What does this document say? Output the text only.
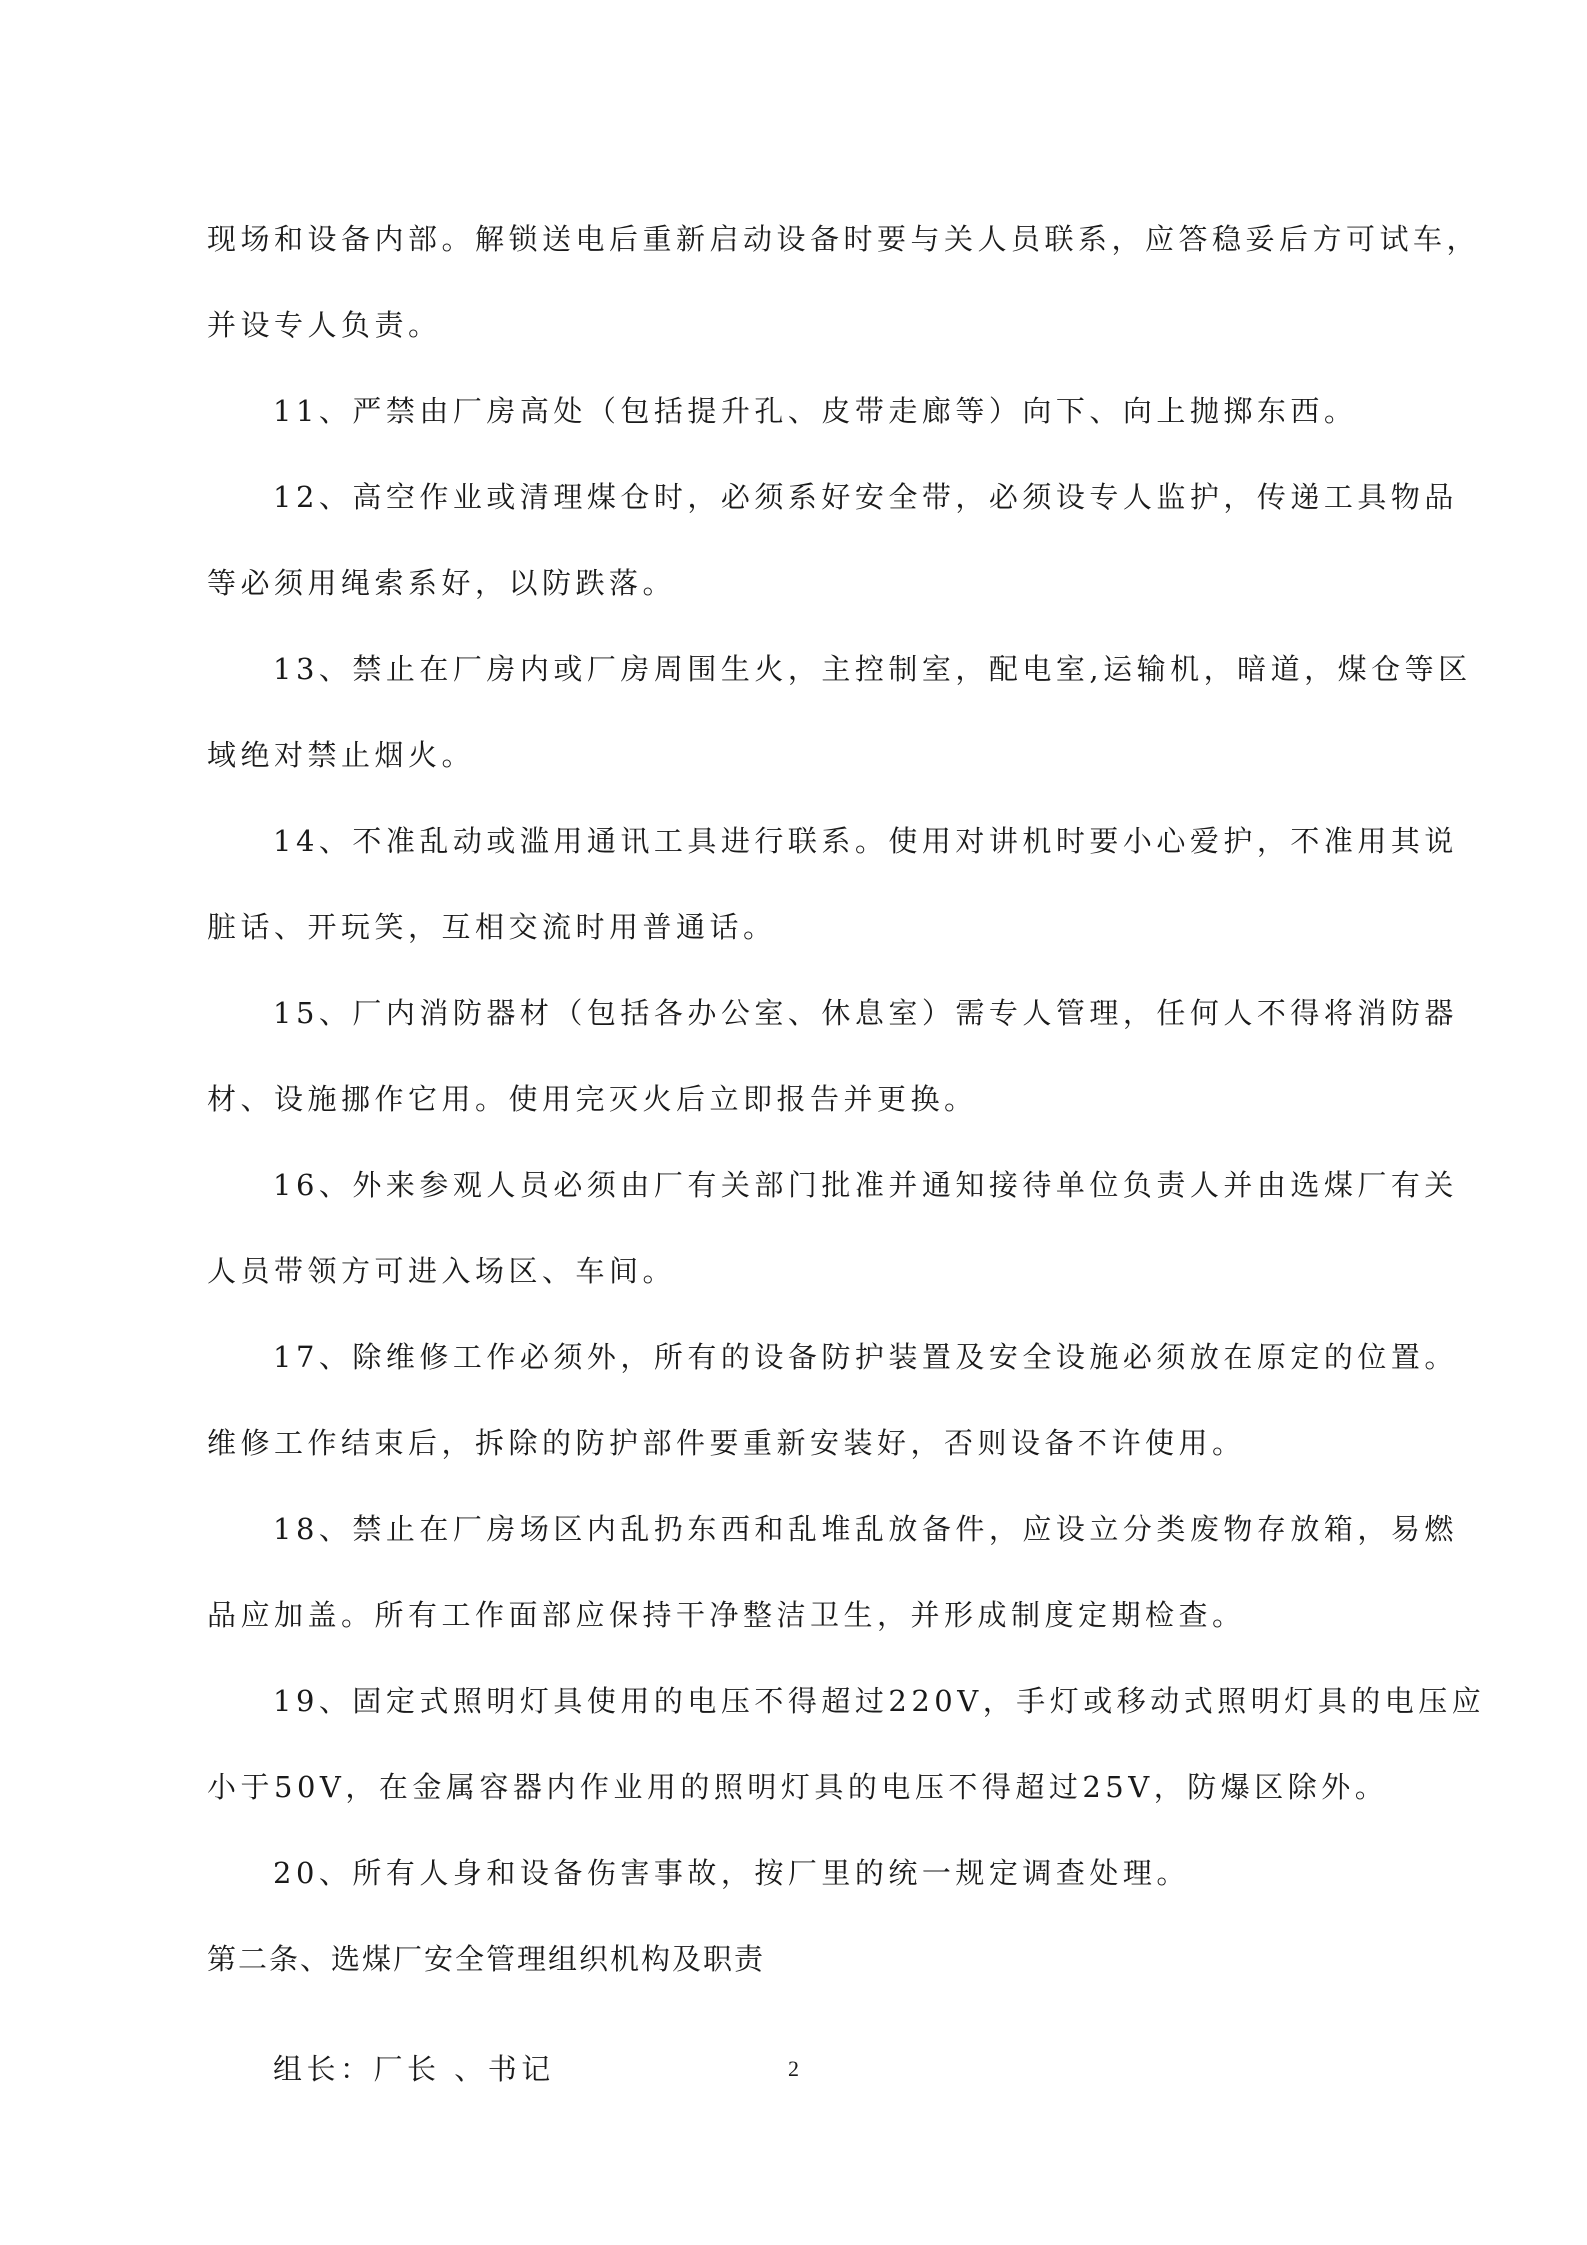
现场和设备内部。解锁送电后重新启动设备时要与关人员联系，应答稳妥后方可试车，
并设专人负责。
11、严禁由厂房高处（包括提升孔、皮带走廊等）向下、向上抛掷东西。
12、高空作业或清理煤仓时，必须系好安全带，必须设专人监护，传递工具物品
等必须用绳索系好，以防跌落。
13、禁止在厂房内或厂房周围生火，主控制室，配电室,运输机，暗道，煤仓等区
域绝对禁止烟火。
14、不准乱动或滥用通讯工具进行联系。使用对讲机时要小心爱护，不准用其说
脏话、开玩笑，互相交流时用普通话。
15、厂内消防器材（包括各办公室、休息室）需专人管理，任何人不得将消防器
材、设施挪作它用。使用完灭火后立即报告并更换。
16、外来参观人员必须由厂有关部门批准并通知接待单位负责人并由选煤厂有关
人员带领方可进入场区、车间。
17、除维修工作必须外，所有的设备防护装置及安全设施必须放在原定的位置。
维修工作结束后，拆除的防护部件要重新安装好，否则设备不许使用。
18、禁止在厂房场区内乱扔东西和乱堆乱放备件，应设立分类废物存放箱，易燃
品应加盖。所有工作面部应保持干净整洁卫生，并形成制度定期检查。
19、固定式照明灯具使用的电压不得超过220V，手灯或移动式照明灯具的电压应
小于50V，在金属容器内作业用的照明灯具的电压不得超过25V，防爆区除外。
20、所有人身和设备伤害事故，按厂里的统一规定调查处理。
第二条、选煤厂安全管理组织机构及职责
组长：厂长 、书记	2
